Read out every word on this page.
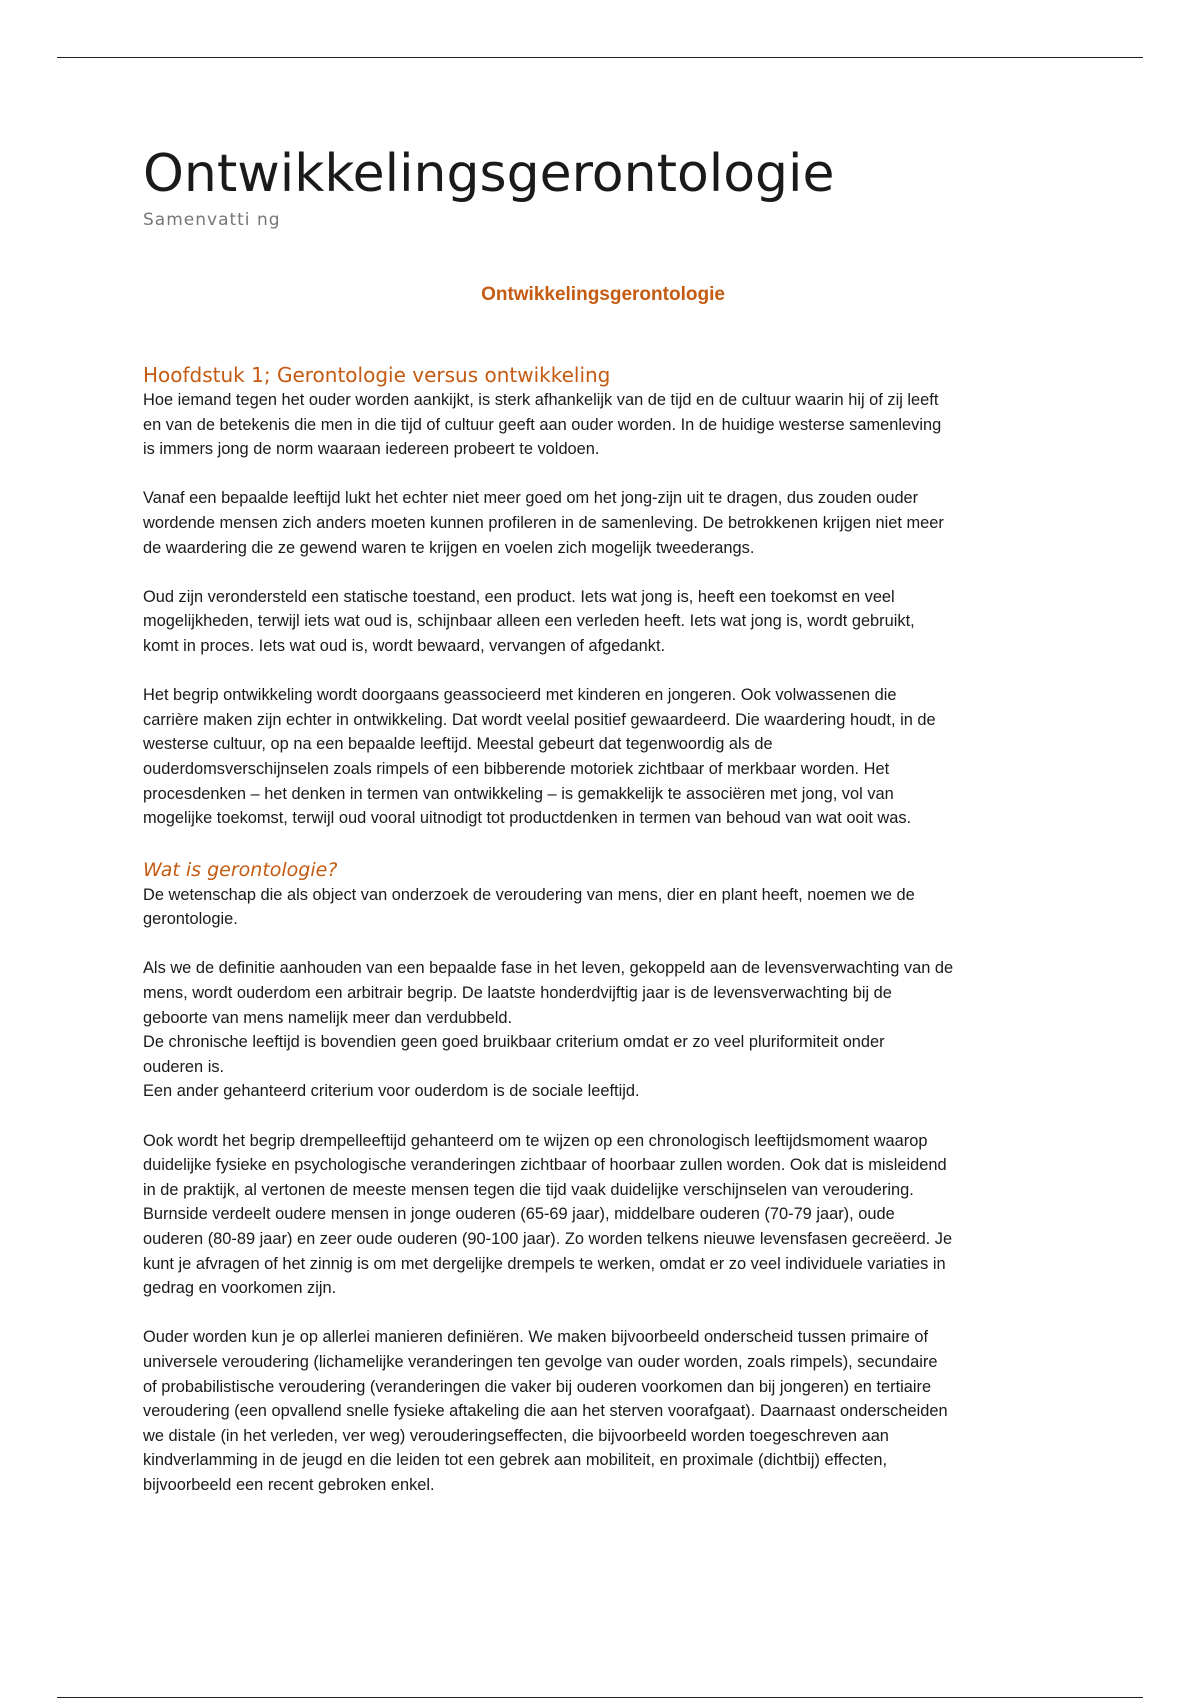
Ontwikkelingsgerontologie
Samenvatti ng
Ontwikkelingsgerontologie
Hoofdstuk 1; Gerontologie versus ontwikkeling

Hoe iemand tegen het ouder worden aankijkt, is sterk afhankelijk van de tijd en de cultuur waarin hij of zij leeft
en van de betekenis die men in die tijd of cultuur geeft aan ouder worden. In de huidige westerse samenleving
is immers jong de norm waaraan iedereen probeert te voldoen.

Vanaf een bepaalde leeftijd lukt het echter niet meer goed om het jong-zijn uit te dragen, dus zouden ouder
wordende mensen zich anders moeten kunnen profileren in de samenleving. De betrokkenen krijgen niet meer
de waardering die ze gewend waren te krijgen en voelen zich mogelijk tweederangs.

Oud zijn verondersteld een statische toestand, een product. Iets wat jong is, heeft een toekomst en veel
mogelijkheden, terwijl iets wat oud is, schijnbaar alleen een verleden heeft. Iets wat jong is, wordt gebruikt,
komt in proces. Iets wat oud is, wordt bewaard, vervangen of afgedankt.

Het begrip ontwikkeling wordt doorgaans geassocieerd met kinderen en jongeren. Ook volwassenen die
carrière maken zijn echter in ontwikkeling. Dat wordt veelal positief gewaardeerd. Die waardering houdt, in de
westerse cultuur, op na een bepaalde leeftijd. Meestal gebeurt dat tegenwoordig als de
ouderdomsverschijnselen zoals rimpels of een bibberende motoriek zichtbaar of merkbaar worden. Het
procesdenken – het denken in termen van ontwikkeling – is gemakkelijk te associëren met jong, vol van
mogelijke toekomst, terwijl oud vooral uitnodigt tot productdenken in termen van behoud van wat ooit was.

Wat is gerontologie?

De wetenschap die als object van onderzoek de veroudering van mens, dier en plant heeft, noemen we de
gerontologie.

Als we de definitie aanhouden van een bepaalde fase in het leven, gekoppeld aan de levensverwachting van de
mens, wordt ouderdom een arbitrair begrip. De laatste honderdvijftig jaar is de levensverwachting bij de
geboorte van mens namelijk meer dan verdubbeld.
De chronische leeftijd is bovendien geen goed bruikbaar criterium omdat er zo veel pluriformiteit onder
ouderen is.
Een ander gehanteerd criterium voor ouderdom is de sociale leeftijd.

Ook wordt het begrip drempelleeftijd gehanteerd om te wijzen op een chronologisch leeftijdsmoment waarop
duidelijke fysieke en psychologische veranderingen zichtbaar of hoorbaar zullen worden. Ook dat is misleidend
in de praktijk, al vertonen de meeste mensen tegen die tijd vaak duidelijke verschijnselen van veroudering.
Burnside verdeelt oudere mensen in jonge ouderen (65-69 jaar), middelbare ouderen (70-79 jaar), oude
ouderen (80-89 jaar) en zeer oude ouderen (90-100 jaar). Zo worden telkens nieuwe levensfasen gecreëerd. Je
kunt je afvragen of het zinnig is om met dergelijke drempels te werken, omdat er zo veel individuele variaties in
gedrag en voorkomen zijn.

Ouder worden kun je op allerlei manieren definiëren. We maken bijvoorbeeld onderscheid tussen primaire of
universele veroudering (lichamelijke veranderingen ten gevolge van ouder worden, zoals rimpels), secundaire
of probabilistische veroudering (veranderingen die vaker bij ouderen voorkomen dan bij jongeren) en tertiaire
veroudering (een opvallend snelle fysieke aftakeling die aan het sterven voorafgaat). Daarnaast onderscheiden
we distale (in het verleden, ver weg) verouderingseffecten, die bijvoorbeeld worden toegeschreven aan
kindverlamming in de jeugd en die leiden tot een gebrek aan mobiliteit, en proximale (dichtbij) effecten,
bijvoorbeeld een recent gebroken enkel.
